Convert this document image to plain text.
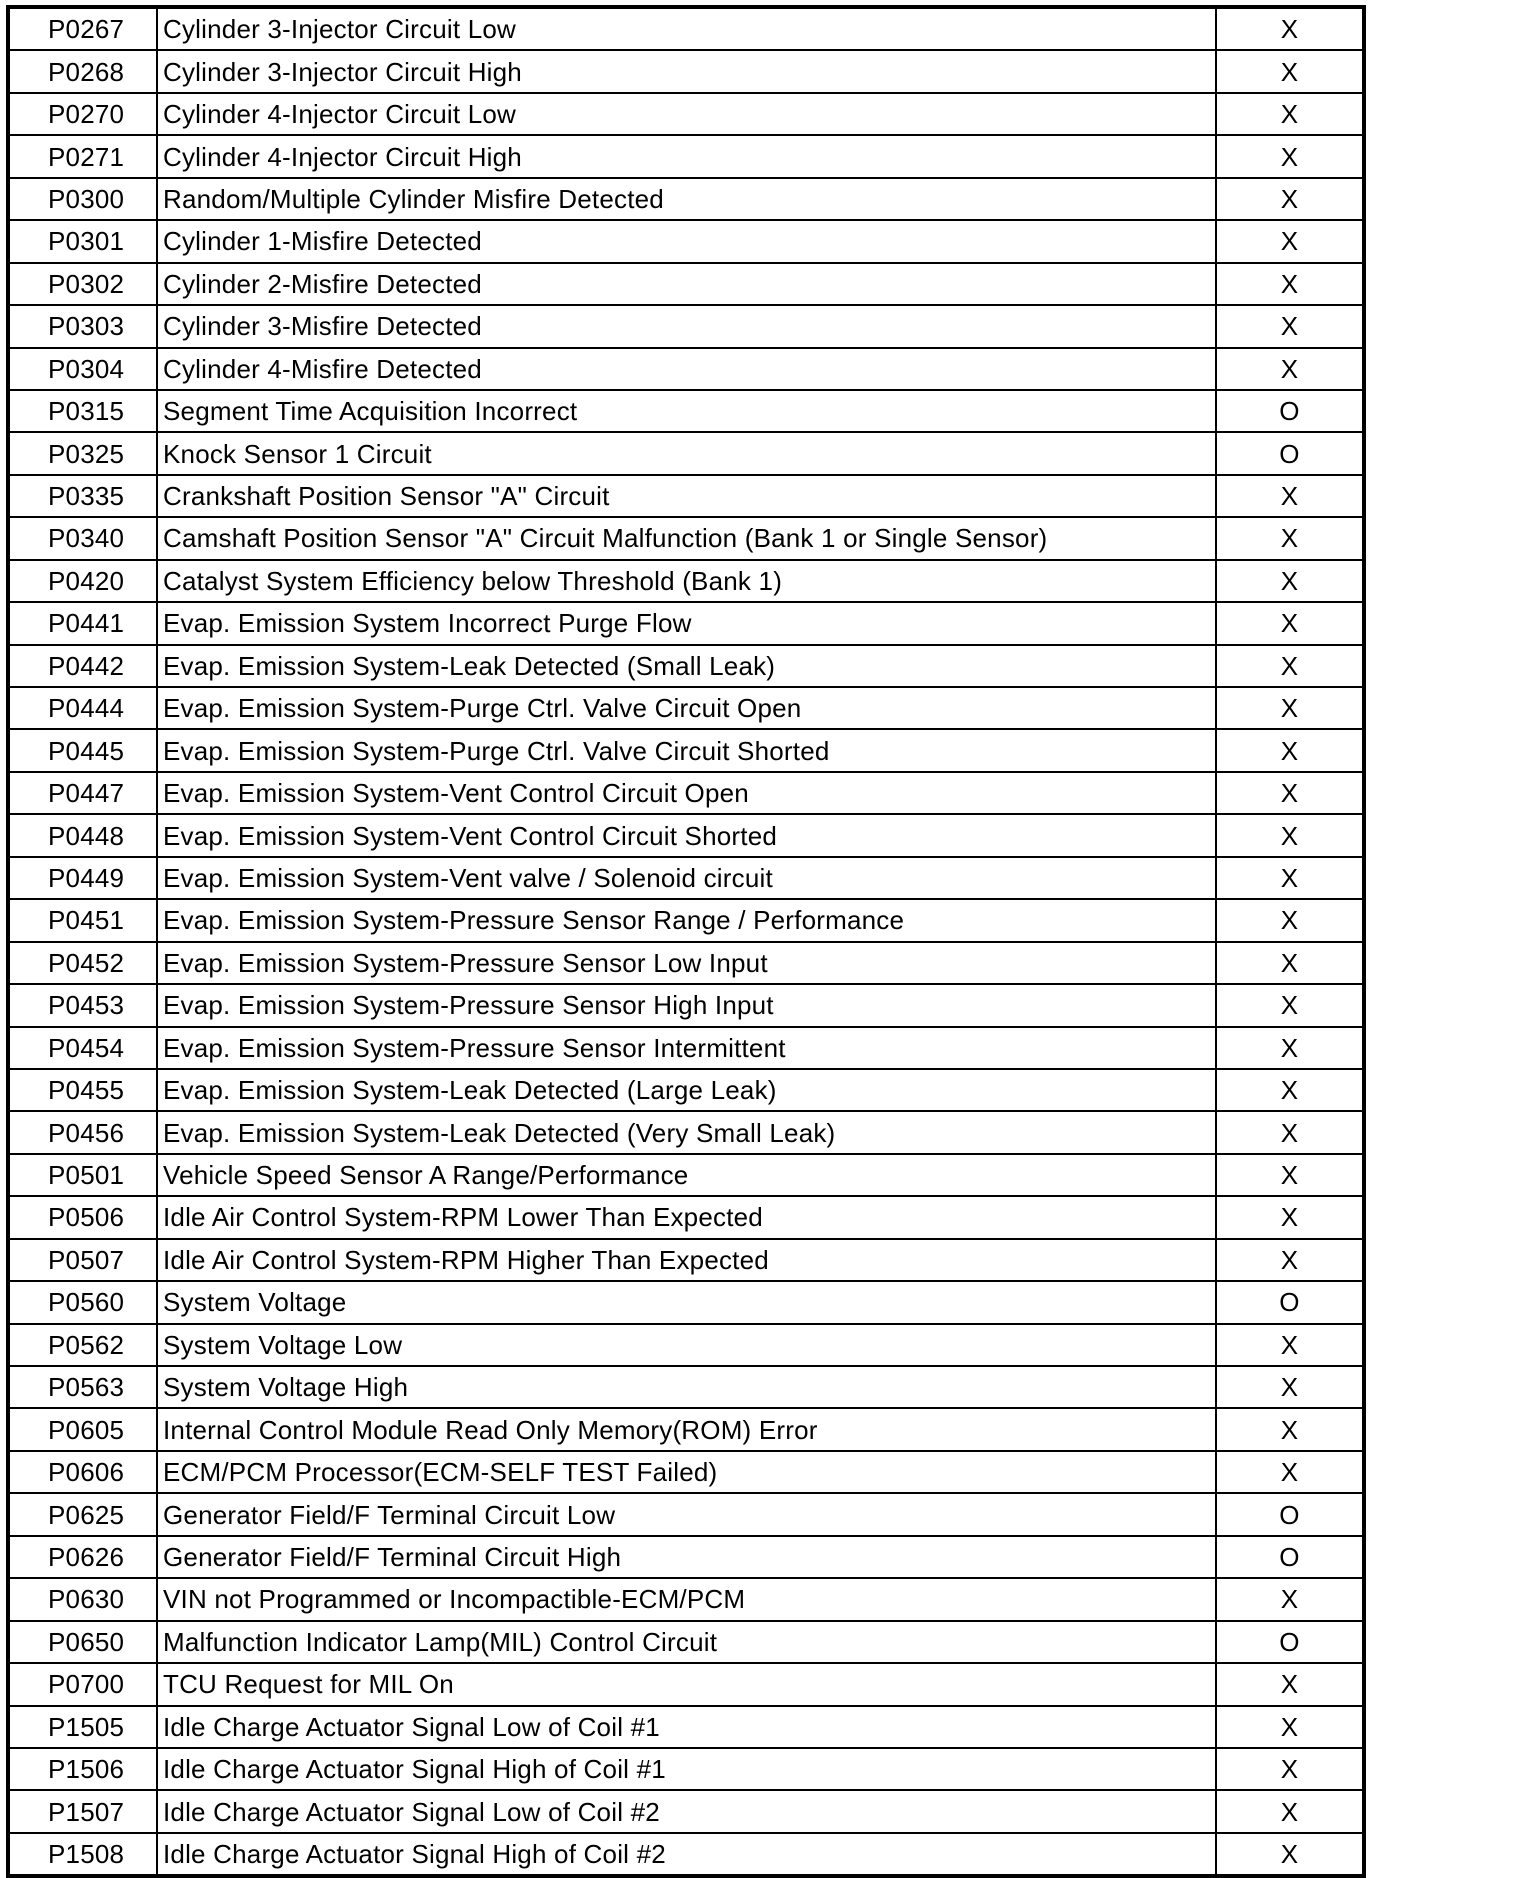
P0267	Cylinder 3-Injector Circuit Low	X
P0268	Cylinder 3-Injector Circuit High	X
P0270	Cylinder 4-Injector Circuit Low	X
P0271	Cylinder 4-Injector Circuit High	X
P0300	Random/Multiple Cylinder Misfire Detected	X
P0301	Cylinder 1-Misfire Detected	X
P0302	Cylinder 2-Misfire Detected	X
P0303	Cylinder 3-Misfire Detected	X
P0304	Cylinder 4-Misfire Detected	X
P0315	Segment Time Acquisition Incorrect	O
P0325	Knock Sensor 1 Circuit	O
P0335	Crankshaft Position Sensor "A" Circuit	X
P0340	Camshaft Position Sensor "A" Circuit Malfunction (Bank 1 or Single Sensor)	X
P0420	Catalyst System Efficiency below Threshold (Bank 1)	X
P0441	Evap. Emission System Incorrect Purge Flow	X
P0442	Evap. Emission System-Leak Detected (Small Leak)	X
P0444	Evap. Emission System-Purge Ctrl. Valve Circuit Open	X
P0445	Evap. Emission System-Purge Ctrl. Valve Circuit Shorted	X
P0447	Evap. Emission System-Vent Control Circuit Open	X
P0448	Evap. Emission System-Vent Control Circuit Shorted	X
P0449	Evap. Emission System-Vent valve / Solenoid circuit	X
P0451	Evap. Emission System-Pressure Sensor Range / Performance	X
P0452	Evap. Emission System-Pressure Sensor Low Input	X
P0453	Evap. Emission System-Pressure Sensor High Input	X
P0454	Evap. Emission System-Pressure Sensor Intermittent	X
P0455	Evap. Emission System-Leak Detected (Large Leak)	X
P0456	Evap. Emission System-Leak Detected (Very Small Leak)	X
P0501	Vehicle Speed Sensor A Range/Performance	X
P0506	Idle Air Control System-RPM Lower Than Expected	X
P0507	Idle Air Control System-RPM Higher Than Expected	X
P0560	System Voltage	O
P0562	System Voltage Low	X
P0563	System Voltage High	X
P0605	Internal Control Module Read Only Memory(ROM) Error	X
P0606	ECM/PCM Processor(ECM-SELF TEST Failed)	X
P0625	Generator Field/F Terminal Circuit Low	O
P0626	Generator Field/F Terminal Circuit High	O
P0630	VIN not Programmed or Incompactible-ECM/PCM	X
P0650	Malfunction Indicator Lamp(MIL) Control Circuit	O
P0700	TCU Request for MIL On	X
P1505	Idle Charge Actuator Signal Low of Coil #1	X
P1506	Idle Charge Actuator Signal High of Coil #1	X
P1507	Idle Charge Actuator Signal Low of Coil #2	X
P1508	Idle Charge Actuator Signal High of Coil #2	X
